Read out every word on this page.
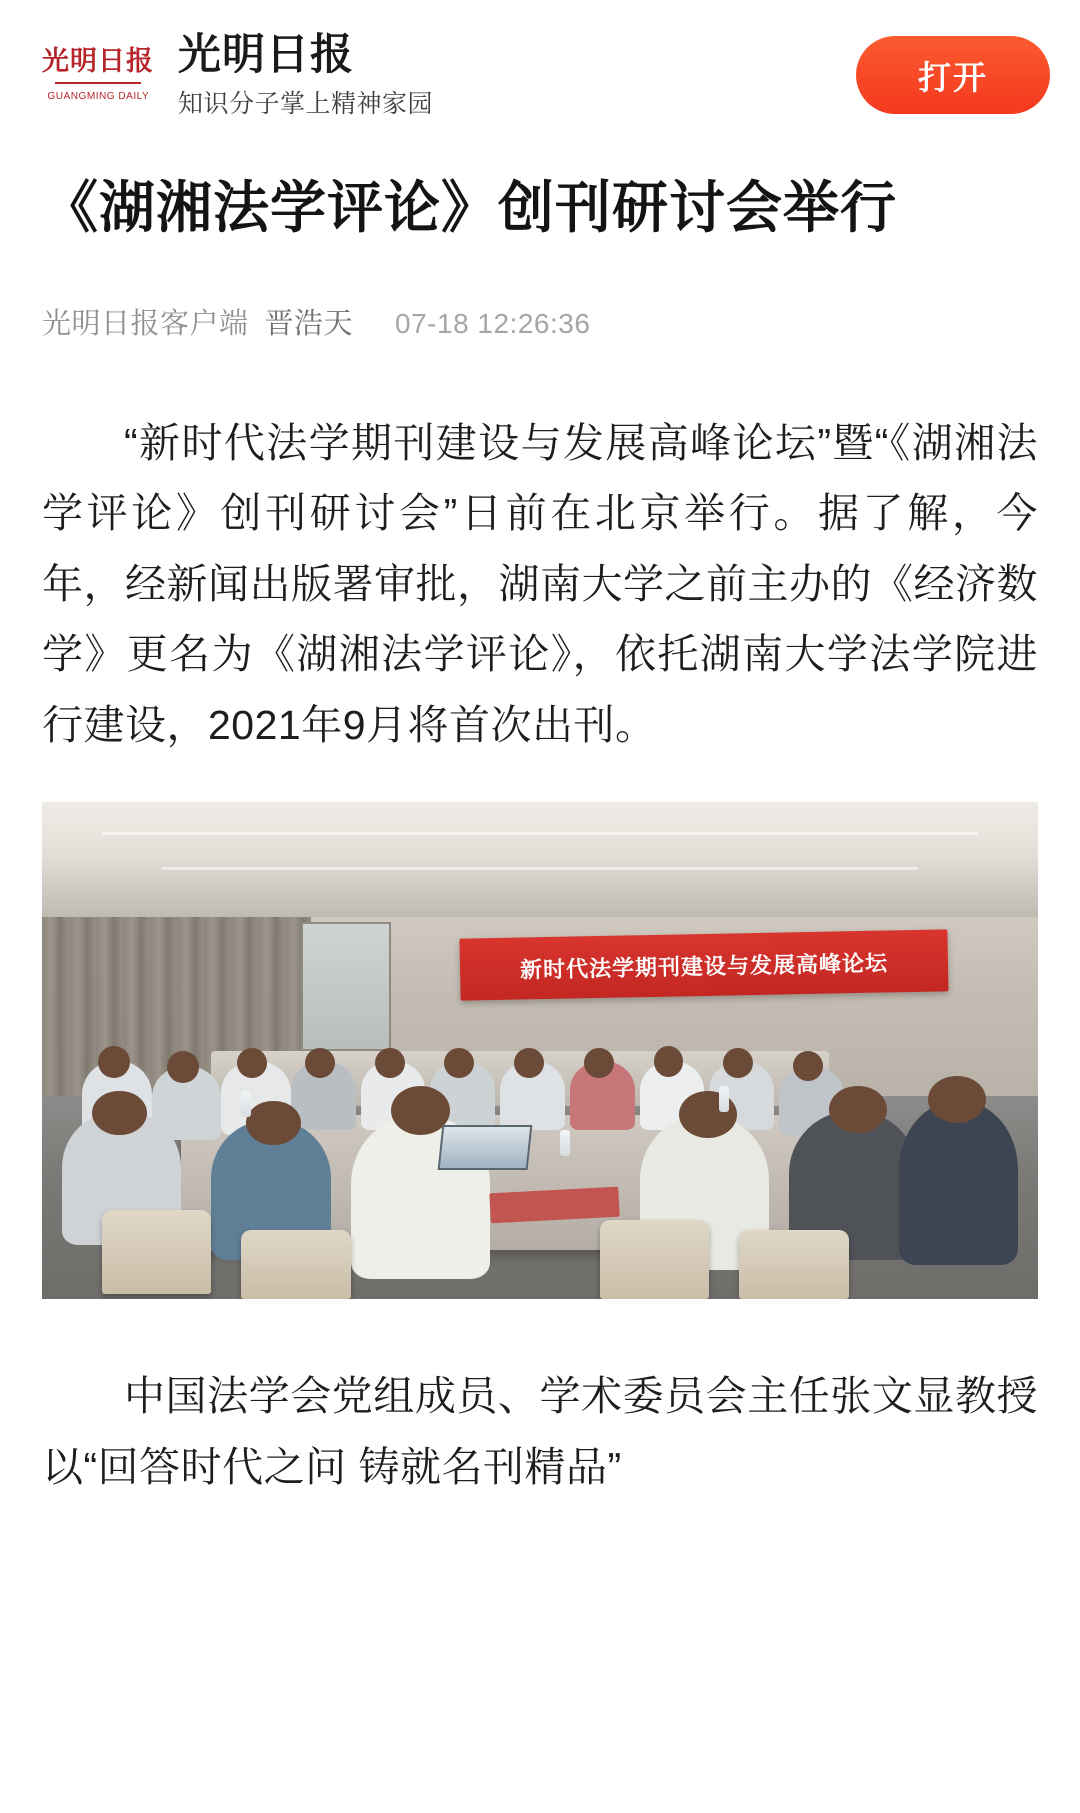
光明日报
GUANGMING DAILY
光明日报
知识分子掌上精神家园
打开
《湖湘法学评论》创刊研讨会举行
光明日报客户端 晋浩天 07-18 12:26:36

“新时代法学期刊建设与发展高峰论坛”暨“《湖湘法学评论》创刊研讨会”日前在北京举行。据了解，今年，经新闻出版署审批，湖南大学之前主办的《经济数学》更名为《湖湘法学评论》，依托湖南大学法学院进行建设，2021年9月将首次出刊。

新时代法学期刊建设与发展高峰论坛

中国法学会党组成员、学术委员会主任张文显教授以“回答时代之问 铸就名刊精品”
